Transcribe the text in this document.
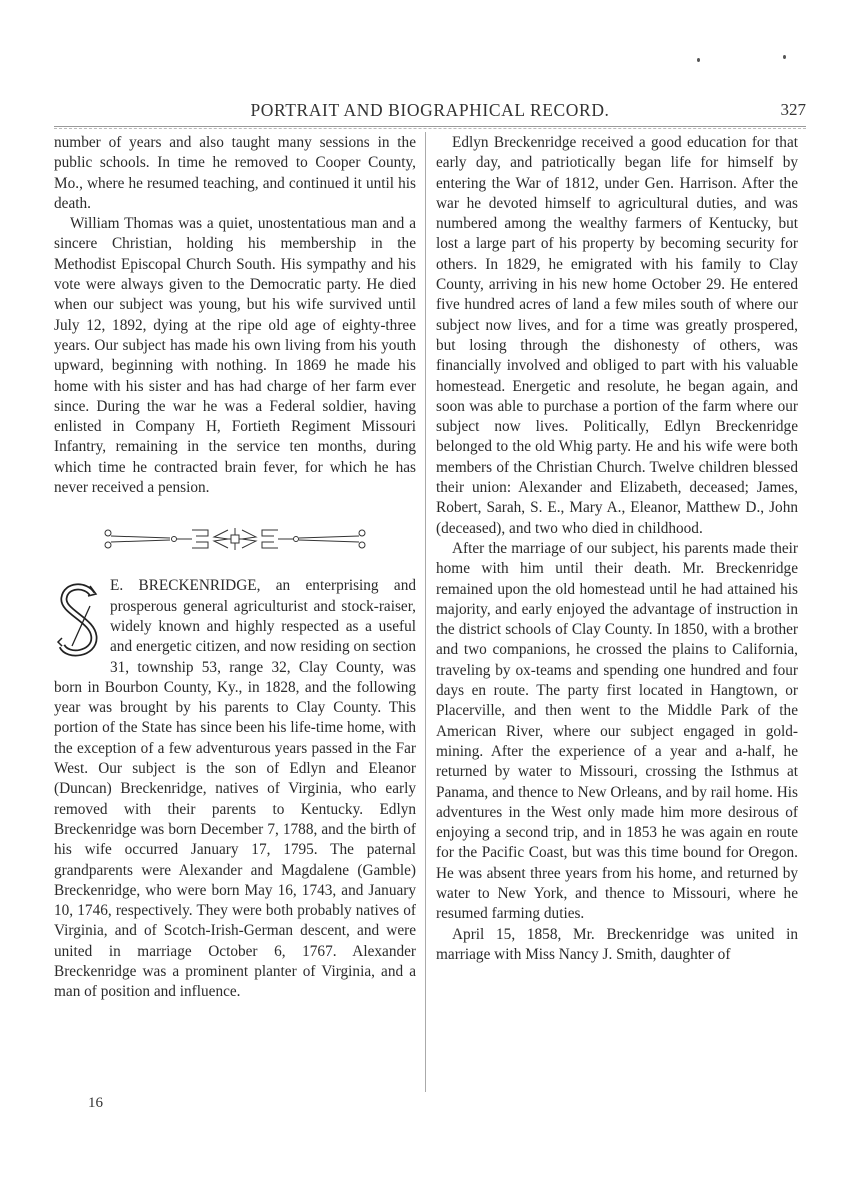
PORTRAIT AND BIOGRAPHICAL RECORD.	327

number of years and also taught many sessions in the public schools. In time he removed to Cooper County, Mo., where he resumed teaching, and continued it until his death.

William Thomas was a quiet, unostentatious man and a sincere Christian, holding his membership in the Methodist Episcopal Church South. His sympathy and his vote were always given to the Democratic party. He died when our subject was young, but his wife survived until July 12, 1892, dying at the ripe old age of eighty-three years. Our subject has made his own living from his youth upward, beginning with nothing. In 1869 he made his home with his sister and has had charge of her farm ever since. During the war he was a Federal soldier, having enlisted in Company H, Fortieth Regiment Missouri Infantry, remaining in the service ten months, during which time he contracted brain fever, for which he has never received a pension.

E. BRECKENRIDGE, an enterprising and prosperous general agriculturist and stock-raiser, widely known and highly respected as a useful and energetic citizen, and now residing on section 31, township 53, range 32, Clay County, was born in Bourbon County, Ky., in 1828, and the following year was brought by his parents to Clay County. This portion of the State has since been his life-time home, with the exception of a few adventurous years passed in the Far West. Our subject is the son of Edlyn and Eleanor (Duncan) Breckenridge, natives of Virginia, who early removed with their parents to Kentucky. Edlyn Breckenridge was born December 7, 1788, and the birth of his wife occurred January 17, 1795. The paternal grandparents were Alexander and Magdalene (Gamble) Breckenridge, who were born May 16, 1743, and January 10, 1746, respectively. They were both probably natives of Virginia, and of Scotch-Irish-German descent, and were united in marriage October 6, 1767. Alexander Breckenridge was a prominent planter of Virginia, and a man of position and influence.

16

Edlyn Breckenridge received a good education for that early day, and patriotically began life for himself by entering the War of 1812, under Gen. Harrison. After the war he devoted himself to agricultural duties, and was numbered among the wealthy farmers of Kentucky, but lost a large part of his property by becoming security for others. In 1829, he emigrated with his family to Clay County, arriving in his new home October 29. He entered five hundred acres of land a few miles south of where our subject now lives, and for a time was greatly prospered, but losing through the dishonesty of others, was financially involved and obliged to part with his valuable homestead. Energetic and resolute, he began again, and soon was able to purchase a portion of the farm where our subject now lives. Politically, Edlyn Breckenridge belonged to the old Whig party. He and his wife were both members of the Christian Church. Twelve children blessed their union: Alexander and Elizabeth, deceased; James, Robert, Sarah, S. E., Mary A., Eleanor, Matthew D., John (deceased), and two who died in childhood.

After the marriage of our subject, his parents made their home with him until their death. Mr. Breckenridge remained upon the old homestead until he had attained his majority, and early enjoyed the advantage of instruction in the district schools of Clay County. In 1850, with a brother and two companions, he crossed the plains to California, traveling by ox-teams and spending one hundred and four days en route. The party first located in Hangtown, or Placerville, and then went to the Middle Park of the American River, where our subject engaged in gold-mining. After the experience of a year and a-half, he returned by water to Missouri, crossing the Isthmus at Panama, and thence to New Orleans, and by rail home. His adventures in the West only made him more desirous of enjoying a second trip, and in 1853 he was again en route for the Pacific Coast, but was this time bound for Oregon. He was absent three years from his home, and returned by water to New York, and thence to Missouri, where he resumed farming duties.

April 15, 1858, Mr. Breckenridge was united in marriage with Miss Nancy J. Smith, daughter of
